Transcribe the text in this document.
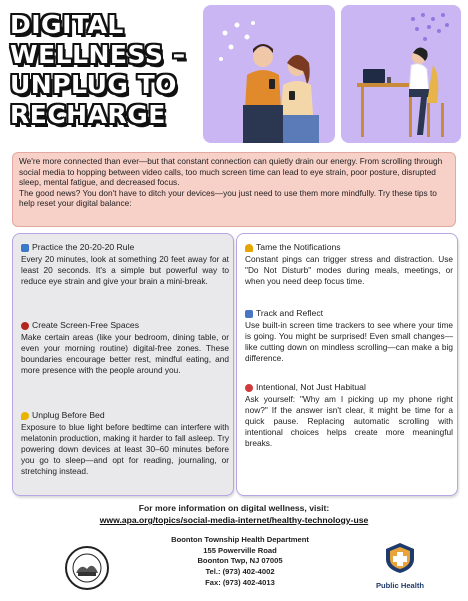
DIGITAL
WELLNESS –
UNPLUG TO
RECHARGE

We're more connected than ever—but that constant connection can quietly drain our energy. From scrolling through social media to hopping between video calls, too much screen time can lead to eye strain, poor posture, disrupted sleep, mental fatigue, and decreased focus.

The good news? You don't have to ditch your devices—you just need to use them more mindfully. Try these tips to help reset your digital balance:

Practice the 20-20-20 Rule
Every 20 minutes, look at something 20 feet away for at least 20 seconds. It's a simple but powerful way to reduce eye strain and give your brain a mini-break.
Create Screen-Free Spaces
Make certain areas (like your bedroom, dining table, or even your morning routine) digital-free zones. These boundaries encourage better rest, mindful eating, and more presence with the people around you.
Unplug Before Bed
Exposure to blue light before bedtime can interfere with melatonin production, making it harder to fall asleep. Try powering down devices at least 30–60 minutes before you go to sleep—and opt for reading, journaling, or stretching instead.
Tame the Notifications
Constant pings can trigger stress and distraction. Use "Do Not Disturb" modes during meals, meetings, or when you need deep focus time.
Track and Reflect
Use built-in screen time trackers to see where your time is going. You might be surprised! Even small changes—like cutting down on mindless scrolling—can make a big difference.
Intentional, Not Just Habitual
Ask yourself: "Why am I picking up my phone right now?" If the answer isn't clear, it might be time for a quick pause. Replacing automatic scrolling with intentional choices helps create more meaningful breaks.
For more information on digital wellness, visit:
www.apa.org/topics/social-media-internet/healthy-technology-use
Boonton Township Health Department
155 Powerville Road
Boonton Twp, NJ 07005
Tel.: (973) 402-4002
Fax: (973) 402-4013	Public Health
